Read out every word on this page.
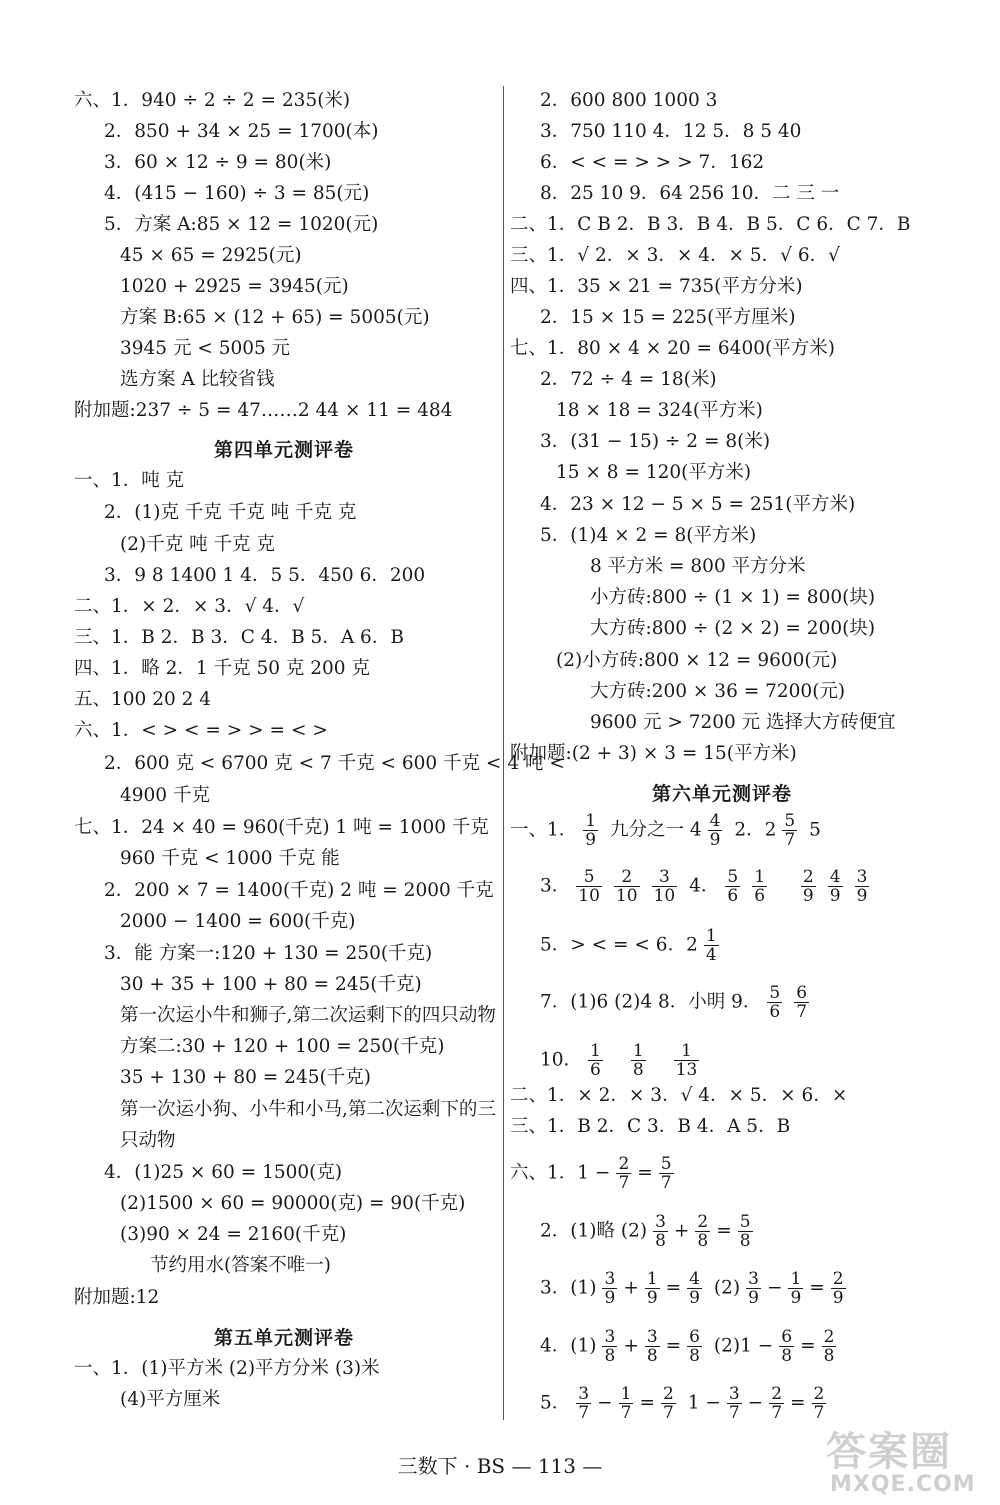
六、1．940 ÷ 2 ÷ 2 = 235(米)
2．850 + 34 × 25 = 1700(本)
3．60 × 12 ÷ 9 = 80(米)
4．(415 − 160) ÷ 3 = 85(元)
5．方案 A:85 × 12 = 1020(元)
45 × 65 = 2925(元)
1020 + 2925 = 3945(元)
方案 B:65 × (12 + 65) = 5005(元)
3945 元 < 5005 元
选方案 A 比较省钱
附加题:237 ÷ 5 = 47……2 44 × 11 = 484
第四单元测评卷
一、1．吨 克
2．(1)克 千克 千克 吨 千克 克
(2)千克 吨 千克 克
3．9 8 1400 1 4．5 5．450 6．200
二、1．× 2．× 3．√ 4．√
三、1．B 2．B 3．C 4．B 5．A 6．B
四、1．略 2．1 千克 50 克 200 克
五、100 20 2 4
六、1．< > < = > > = < >
2．600 克 < 6700 克 < 7 千克 < 600 千克 < 4 吨 <
4900 千克
七、1．24 × 40 = 960(千克) 1 吨 = 1000 千克
960 千克 < 1000 千克 能
2．200 × 7 = 1400(千克) 2 吨 = 2000 千克
2000 − 1400 = 600(千克)
3．能 方案一:120 + 130 = 250(千克)
30 + 35 + 100 + 80 = 245(千克)
第一次运小牛和狮子,第二次运剩下的四只动物
方案二:30 + 120 + 100 = 250(千克)
35 + 130 + 80 = 245(千克)
第一次运小狗、小牛和小马,第二次运剩下的三
只动物
4．(1)25 × 60 = 1500(克)
(2)1500 × 60 = 90000(克) = 90(千克)
(3)90 × 24 = 2160(千克)
节约用水(答案不唯一)
附加题:12
第五单元测评卷
一、1．(1)平方米 (2)平方分米 (3)米
(4)平方厘米
2．600 800 1000 3
3．750 110 4．12 5．8 5 40
6．< < = > > > 7．162
8．25 10 9．64 256 10．二 三 一
二、1．C B 2．B 3．B 4．B 5．C 6．C 7．B
三、1．√ 2．× 3．× 4．× 5．√ 6．√
四、1．35 × 21 = 735(平方分米)
2．15 × 15 = 225(平方厘米)
七、1．80 × 4 × 20 = 6400(平方米)
2．72 ÷ 4 = 18(米)
18 × 18 = 324(平方米)
3．(31 − 15) ÷ 2 = 8(米)
15 × 8 = 120(平方米)
4．23 × 12 − 5 × 5 = 251(平方米)
5．(1)4 × 2 = 8(平方米)
8 平方米 = 800 平方分米
小方砖:800 ÷ (1 × 1) = 800(块)
大方砖:800 ÷ (2 × 2) = 200(块)
(2)小方砖:800 × 12 = 9600(元)
大方砖:200 × 36 = 7200(元)
9600 元 > 7200 元 选择大方砖便宜
附加题:(2 + 3) × 3 = 15(平方米)
第六单元测评卷
一、1． $\frac{1}{9}$ 九分之一 $4 \frac{4}{9} 2$．$2 \frac{5}{7} 5$
3． $\frac{5}{10} \frac{2}{10} \frac{3}{10} 4$． $\frac{5}{6} \frac{1}{6}$
$\frac{2}{9} \frac{4}{9} \frac{3}{9}$
5．> < = < 6．$2 \frac{1}{4}$
7．(1)6 (2)4 8．小明 9． $\frac{5}{6} \frac{6}{7}$
10． $\frac{1}{6} \frac{1}{8} \frac{1}{13}$
二、1．× 2．× 3．√ 4．× 5．× 6．×
三、1．B 2．C 3．B 4．A 5．B
六、1．$1 - \frac{2}{7} = \frac{5}{7}$
2．(1)略 $(2) \frac{3}{8} + \frac{2}{8} = \frac{5}{8}$
3．$(1) \frac{3}{9} + \frac{1}{9} = \frac{4}{9} (2) \frac{3}{9} - \frac{1}{9} = \frac{2}{9}$
4．$(1) \frac{3}{8} + \frac{3}{8} = \frac{6}{8} (2)1 - \frac{6}{8} = \frac{2}{8}$
5． $\frac{3}{7} - \frac{1}{7} = \frac{2}{7} 1 - \frac{3}{7} - \frac{2}{7} = \frac{2}{7}$
三数下 · BS — 113 —	答案圈
MXQE.COM
